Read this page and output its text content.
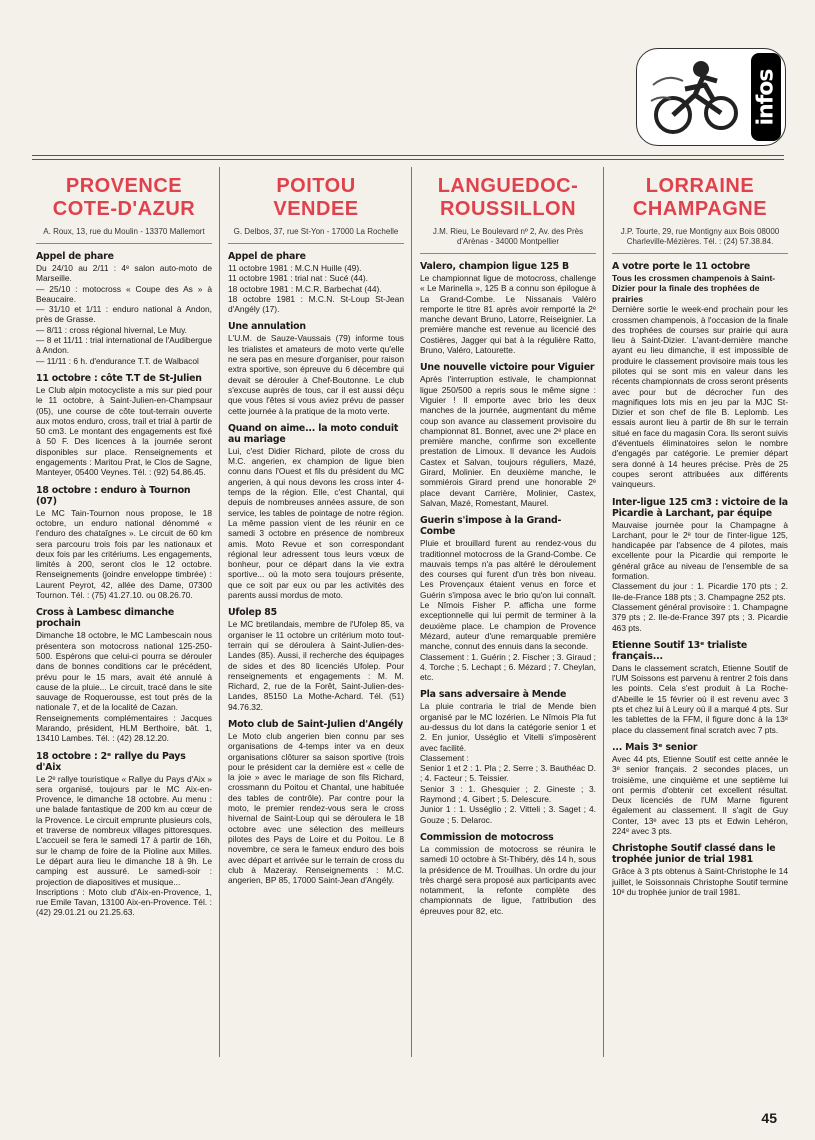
infos
PROVENCE
COTE-D'AZUR
A. Roux, 13, rue du Moulin - 13370 Mallemort
Appel de phare
Du 24/10 au 2/11 : 4ᵉ salon auto-moto de Marseille.
— 25/10 : motocross « Coupe des As » à Beaucaire.
— 31/10 et 1/11 : enduro national à Andon, près de Grasse.
— 8/11 : cross régional hivernal, Le Muy.
— 8 et 11/11 : trial international de l'Audibergue à Andon.
— 11/11 : 6 h. d'endurance T.T. de Walbacol
11 octobre : côte T.T de St-Julien
Le Club alpin motocycliste a mis sur pied pour le 11 octobre, à Saint-Julien-en-Champsaur (05), une course de côte tout-terrain ouverte aux motos enduro, cross, trail et trial à partir de 50 cm3. Le montant des engagements est fixé à 50 F. Des licences à la journée seront disponibles sur place. Renseignements et engagements : Maritou Prat, le Clos de Sagne, Manteyer, 05400 Veynes. Tél. : (92) 54.86.45.
18 octobre : enduro à Tournon (07)
Le MC Tain-Tournon nous propose, le 18 octobre, un enduro national dénommé « l'enduro des chataîgnes ». Le circuit de 60 km sera parcouru trois fois par les nationaux et deux fois par les critériums. Les engagements, limités à 200, seront clos le 12 octobre. Renseignements (joindre enveloppe timbrée) : Laurent Peyrot, 42, allée des Dame, 07300 Tournon. Tél. : (75) 41.27.10. ou 08.26.70.
Cross à Lambesc dimanche prochain
Dimanche 18 octobre, le MC Lambescain nous présentera son motocross national 125-250-500. Espérons que celui-ci pourra se dérouler dans de bonnes conditions car le précédent, prévu pour le 15 mars, avait été annulé à cause de la pluie... Le circuit, tracé dans le site sauvage de Roquerousse, est tout près de la nationale 7, et de la localité de Cazan.
Renseignements complémentaires : Jacques Marando, président, HLM Berthoire, bât. 1, 13410 Lambes. Tél. : (42) 28.12.20.
18 octobre : 2ᵉ rallye du Pays d'Aix
Le 2ᵉ rallye touristique « Rallye du Pays d'Aix » sera organisé, toujours par le MC Aix-en-Provence, le dimanche 18 octobre. Au menu : une balade fantastique de 200 km au cœur de la Provence. Le circuit emprunte plusieurs cols, et traverse de nombreux villages pittoresques. L'accueil se fera le samedi 17 à partir de 16h, sur le champ de foire de la Pioline aux Milles. Le départ aura lieu le dimanche 18 à 9h. Le camping est aussuré. Le samedi-soir : projection de diapositives et musique...
Inscriptions : Moto club d'Aix-en-Provence, 1, rue Emile Tavan, 13100 Aix-en-Provence. Tél. : (42) 29.01.21 ou 21.25.63.
POITOU
VENDEE
G. Delbos, 37, rue St-Yon - 17000 La Rochelle
Appel de phare
11 octobre 1981 : M.C.N Huille (49).
11 octobre 1981 : trial nat : Sucé (44).
18 octobre 1981 : M.C.R. Barbechat (44).
18 octobre 1981 : M.C.N. St-Loup St-Jean d'Angély (17).
Une annulation
L'U.M. de Sauze-Vaussais (79) informe tous les trialistes et amateurs de moto verte qu'elle ne sera pas en mesure d'organiser, pour raison extra sportive, son épreuve du 6 décembre qui devait se dérouler à Chef-Boutonne. Le club s'excuse auprès de tous, car il est aussi déçu que vous l'êtes si vous aviez prévu de passer cette journée à la pratique de la moto verte.
Quand on aime... la moto conduit au mariage
Lui, c'est Didier Richard, pilote de cross du M.C. angerien, ex champion de ligue bien connu dans l'Ouest et fils du président du MC angerien, à qui nous devons les cross inter 4-temps de la région. Elle, c'est Chantal, qui depuis de nombreuses années assure, de son service, les tables de pointage de notre région. La même passion vient de les réunir en ce samedi 3 octobre en présence de nombreux amis. Moto Revue et son correspondant régional leur adressent tous leurs vœux de bonheur, pour ce départ dans la vie extra sportive... où la moto sera toujours présente, que ce soit par eux ou par les activités des parents aussi mordus de moto.
Ufolep 85
Le MC bretilandais, membre de l'Ufolep 85, va organiser le 11 octobre un critérium moto tout-terrain qui se déroulera à Saint-Julien-des-Landes (85). Aussi, il recherche des équipages de sides et des 80 licenciés Ufolep. Pour renseignements et engagements : M. M. Richard, 2, rue de la Forêt, Saint-Julien-des-Landes, 85150 La Mothe-Achard. Tél. (51) 94.76.32.
Moto club de Saint-Julien d'Angély
Le Moto club angerien bien connu par ses organisations de 4-temps inter va en deux organisations clôturer sa saison sportive (trois pour le président car la dernière est « celle de la joie » avec le mariage de son fils Richard, crossmann du Poitou et Chantal, une habituée des tables de contrôle). Par contre pour la moto, le premier rendez-vous sera le cross hivernal de Saint-Loup qui se déroulera le 18 octobre avec une sélection des meilleurs pilotes des Pays de Loire et du Poitou. Le 8 novembre, ce sera le fameux enduro des bois avec départ et arrivée sur le terrain de cross du club à Mazeray. Renseignements : M.C. angerien, BP 85, 17000 Saint-Jean d'Angély.
LANGUEDOC-
ROUSSILLON
J.M. Rieu, Le Boulevard nº 2, Av. des Près d'Arènas - 34000 Montpellier
Valero, champion ligue 125 B
Le championnat ligue de motocross, challenge « Le Marinella », 125 B a connu son épilogue à La Grand-Combe. Le Nissanais Valéro remporte le titre 81 après avoir remporté la 2ᵉ manche devant Bruno, Latorre, Reiseignier. La première manche est revenue au licencié des Costières, Jagger qui bat à la régulière Ratto, Bruno, Valéro, Latourette.
Une nouvelle victoire pour Viguier
Après l'interruption estivale, le championnat ligue 250/500 a repris sous le même signe : Viguier ! Il emporte avec brio les deux manches de la journée, augmentant du même coup son avance au classement provisoire du championnat 81. Bonnet, avec une 2ᵉ place en première manche, confirme son excellente prestation de Limoux. Il devance les Audois Castex et Salvan, toujours réguliers, Mazé, Girard, Molinier. En deuxième manche, le sommiérois Girard prend une honorable 2ᵉ place devant Carrière, Molinier, Castex, Salvan, Mazé, Romestant, Maurel.
Guerin s'impose à la Grand-Combe
Pluie et brouillard furent au rendez-vous du traditionnel motocross de la Grand-Combe. Ce mauvais temps n'a pas altéré le déroulement des courses qui furent d'un très bon niveau. Les Provençaux étaient venus en force et Guérin s'imposa avec le brio qu'on lui connaît. Le Nîmois Fisher P. afficha une forme exceptionnelle qui lui permit de terminer à la deuxième place. Le champion de Provence Mézard, auteur d'une remarquable première manche, connut des ennuis dans la seconde.
Classement : 1. Guérin ; 2. Fischer ; 3. Giraud ; 4. Torche ; 5. Lechapt ; 6. Mézard ; 7. Cheylan, etc.
Pla sans adversaire à Mende
La pluie contraria le trial de Mende bien organisé par le MC lozérien. Le Nîmois Pla fut au-dessus du lot dans la catégorie senior 1 et 2. En junior, Usséglio et Vitelli s'imposèrent avec facilité.
Classement :
Senior 1 et 2 : 1. Pla ; 2. Serre ; 3. Bauthéac D. ; 4. Facteur ; 5. Teissier.
Senior 3 : 1. Ghesquier ; 2. Gineste ; 3. Raymond ; 4. Gibert ; 5. Delescure.
Junior 1 : 1. Usséglio ; 2. Vitteli ; 3. Saget ; 4. Gouze ; 5. Delaroc.
Commission de motocross
La commission de motocross se réunira le samedi 10 octobre à St-Thibéry, dès 14 h, sous la présidence de M. Trouilhas. Un ordre du jour très chargé sera proposé aux participants avec notamment, la refonte complète des championnats de ligue, l'attribution des épreuves pour 82, etc.
LORRAINE
CHAMPAGNE
J.P. Tourte, 29, rue Montigny aux Bois 08000 Charleville-Mézières. Tél. : (24) 57.38.84.
A votre porte le 11 octobre
Tous les crossmen champenois à Saint-Dizier pour la finale des trophées de prairies
Dernière sortie le week-end prochain pour les crossmen champenois, à l'occasion de la finale des trophées de courses sur prairie qui aura lieu à Saint-Dizier. L'avant-dernière manche ayant eu lieu dimanche, il est impossible de produire le classement provisoire mais tous les pilotes qui se sont mis en valeur dans les récents championnats de cross seront présents avec pour but de décrocher l'un des magnifiques lots mis en jeu par la MJC St-Dizier et son chef de file B. Leplomb. Les essais auront lieu à partir de 8h sur le terrain situé en face du magasin Cora. Ils seront suivis d'éventuels éliminatoires selon le nombre d'engagés par catégorie. Le premier départ sera donné à 14 heures précise. Près de 25 coupes seront attribuées aux différents vainqueurs.
Inter-ligue 125 cm3 : victoire de la Picardie à Larchant, par équipe
Mauvaise journée pour la Champagne à Larchant, pour le 2ᵉ tour de l'inter-ligue 125, handicapée par l'absence de 4 pilotes, mais excellente pour la Picardie qui remporte le général grâce au niveau de l'ensemble de sa formation.
Classement du jour : 1. Picardie 170 pts ; 2. Ile-de-France 188 pts ; 3. Champagne 252 pts.
Classement général provisoire : 1. Champagne 379 pts ; 2. Ile-de-France 397 pts ; 3. Picardie 463 pts.
Etienne Soutif 13ᵉ trialiste français...
Dans le classement scratch, Etienne Soutif de l'UM Soissons est parvenu à rentrer 2 fois dans les points. Cela s'est produit à La Roche-d'Abeille le 15 février où il est revenu avec 3 pts et chez lui à Leury où il a marqué 4 pts. Sur les tablettes de la FFM, il figure donc à la 13ᵉ place du classement final scratch avec 7 pts.
... Mais 3ᵉ senior
Avec 44 pts, Etienne Soutif est cette année le 3ᵉ senior français. 2 secondes places, un troisième, une cinquième et une septième lui ont permis d'obtenir cet excellent résultat. Deux licenciés de l'UM Marne figurent également au classement. Il s'agit de Guy Conter, 13ᵉ avec 13 pts et Edwin Lehéron, 224ᵉ avec 3 pts.
Christophe Soutif classé dans le trophée junior de trial 1981
Grâce à 3 pts obtenus à Saint-Christophe le 14 juillet, le Soissonnais Christophe Soutif termine 10ᵉ du trophée junior de trail 1981.
45
